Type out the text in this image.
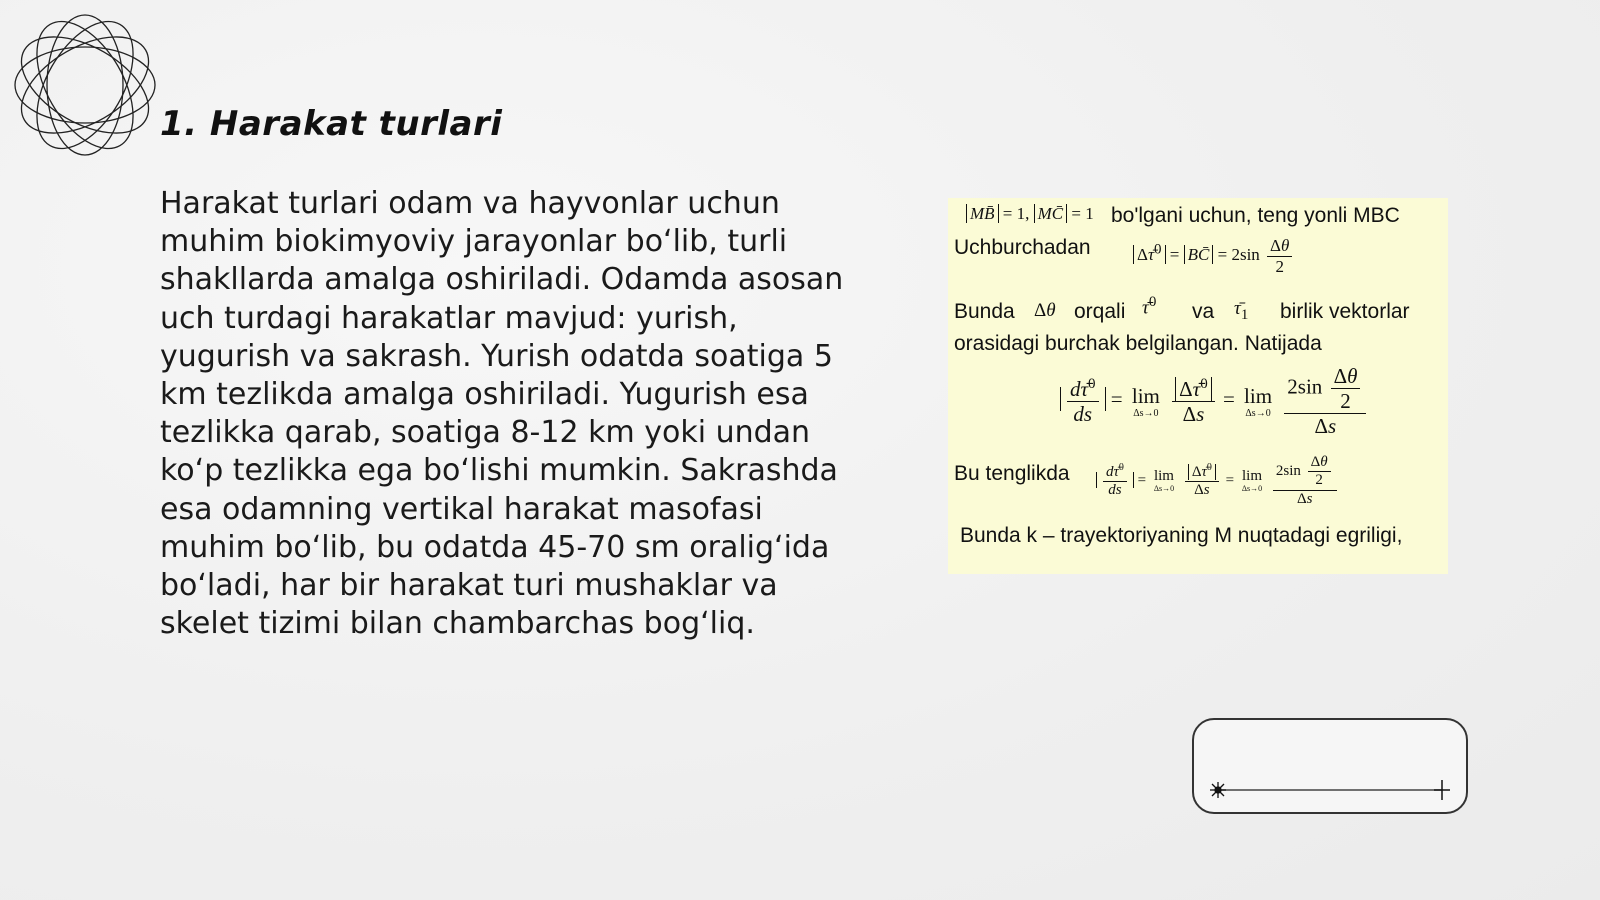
1. Harakat turlari

Harakat turlari odam va hayvonlar uchun muhim biokimyoviy jarayonlar bo‘lib, turli shakllarda amalga oshiriladi. Odamda asosan uch turdagi harakatlar mavjud: yurish, yugurish va sakrash. Yurish odatda soatiga 5 km tezlikda amalga oshiriladi. Yugurish esa tezlikka qarab, soatiga 8-12 km yoki undan ko‘p tezlikka ega bo‘lishi mumkin. Sakrashda esa odamning vertikal harakat masofasi muhim bo‘lib, bu odatda 45-70 sm oralig‘ida bo‘ladi, har bir harakat turi mushaklar va skelet tizimi bilan chambarchas bog‘liq.

MB̄ = 1, MC̄ = 1 bo'lgani uchun, teng yonli MBC
Uchburchadan	Δτ̄$^0$ = BC̄ = $2\sin \frac{\Delta\theta}{2}$
Bunda Δθ orqali τ̄$^0$ va $\taū_1$ birlik vektorlar
orasidagi burchak belgilangan. Natijada
$\frac{d\taū^0}{ds} = \lim$
Δs→0
$\frac{\Delta\taū^0}{\Delta s} = \lim$
Δs→0
$\frac{2\sin \frac{\Delta\theta}{2}}{\Delta s}$
Bu tenglikda $\frac{d\taū^0}{ds} = \lim$
Δs→0
$\frac{\Delta\taū^0}{\Delta s} = \lim$
Δs→0
$\frac{2\sin \frac{\Delta\theta}{2}}{\Delta s}$
Bunda k – trayektoriyaning M nuqtadagi egriligi,
